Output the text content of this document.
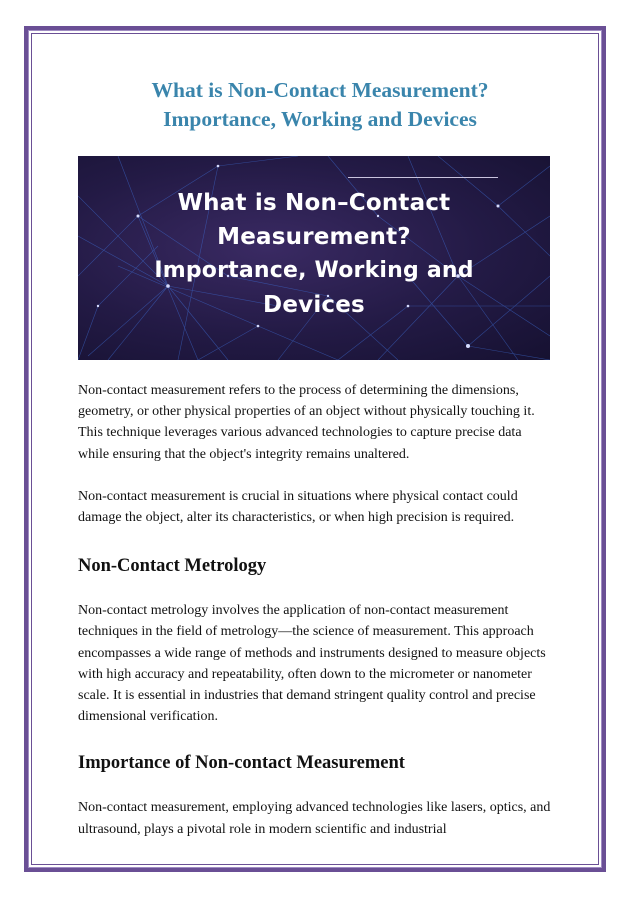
What is Non-Contact Measurement?
Importance, Working and Devices
What is Non–Contact
Measurement?
Importance, Working and
Devices

Non-contact measurement refers to the process of determining the dimensions, geometry, or other physical properties of an object without physically touching it. This technique leverages various advanced technologies to capture precise data while ensuring that the object's integrity remains unaltered.

Non-contact measurement is crucial in situations where physical contact could damage the object, alter its characteristics, or when high precision is required.

Non-Contact Metrology

Non-contact metrology involves the application of non-contact measurement techniques in the field of metrology—the science of measurement. This approach encompasses a wide range of methods and instruments designed to measure objects with high accuracy and repeatability, often down to the micrometer or nanometer scale. It is essential in industries that demand stringent quality control and precise dimensional verification.

Importance of Non-contact Measurement

Non-contact measurement, employing advanced technologies like lasers, optics, and ultrasound, plays a pivotal role in modern scientific and industrial
